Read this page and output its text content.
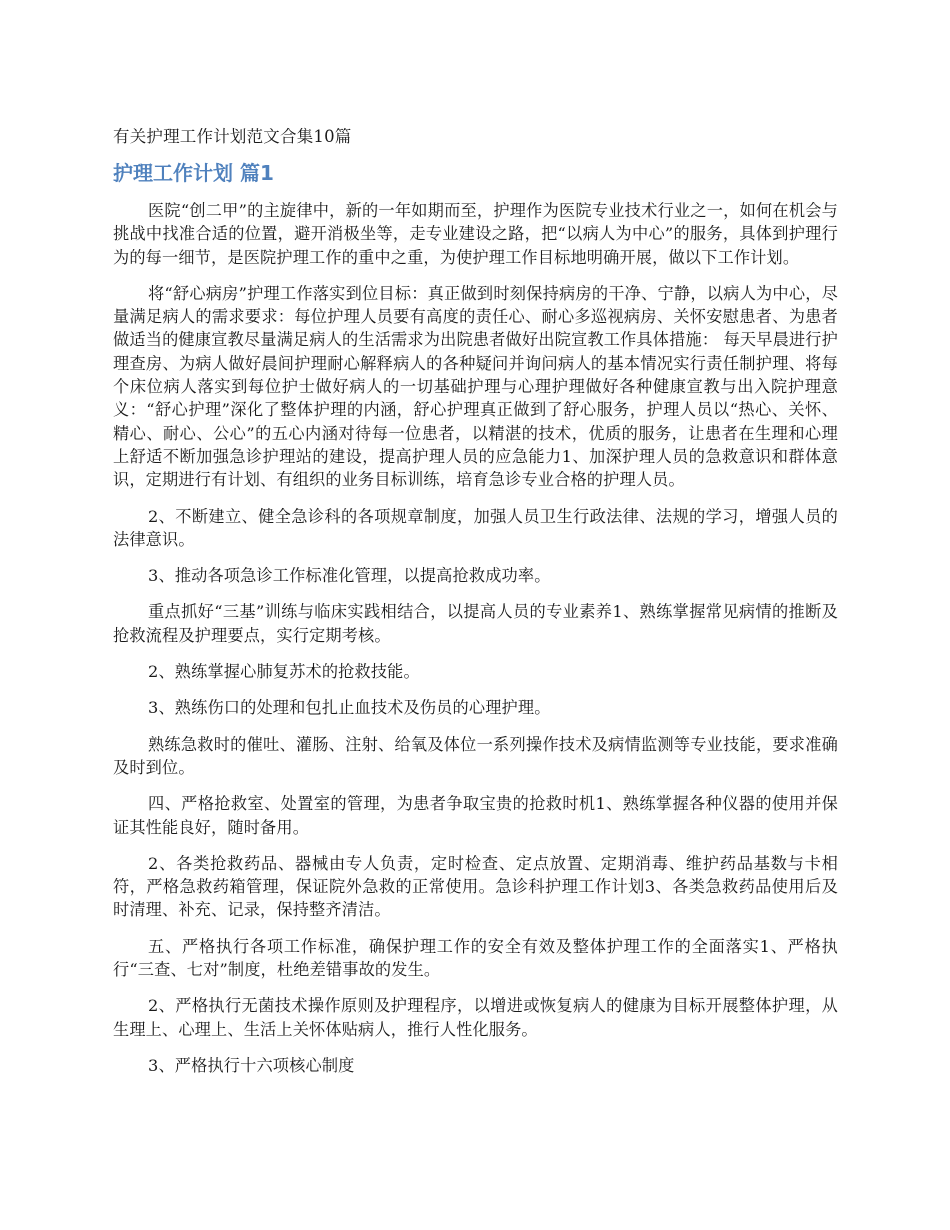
有关护理工作计划范文合集10篇
护理工作计划 篇1

医院“创二甲”的主旋律中，新的一年如期而至，护理作为医院专业技术行业之一，如何在机会与挑战中找准合适的位置，避开消极坐等，走专业建设之路，把“以病人为中心”的服务，具体到护理行为的每一细节，是医院护理工作的重中之重，为使护理工作目标地明确开展，做以下工作计划。

将“舒心病房”护理工作落实到位目标：真正做到时刻保持病房的干净、宁静，以病人为中心，尽量满足病人的需求要求：每位护理人员要有高度的责任心、耐心多巡视病房、关怀安慰患者、为患者做适当的健康宣教尽量满足病人的生活需求为出院患者做好出院宣教工作具体措施： 每天早晨进行护理查房、为病人做好晨间护理耐心解释病人的各种疑问并询问病人的基本情况实行责任制护理、将每个床位病人落实到每位护士做好病人的一切基础护理与心理护理做好各种健康宣教与出入院护理意义：“舒心护理”深化了整体护理的内涵，舒心护理真正做到了舒心服务，护理人员以“热心、关怀、精心、耐心、公心”的五心内涵对待每一位患者，以精湛的技术，优质的服务，让患者在生理和心理上舒适不断加强急诊护理站的建设，提高护理人员的应急能力1、加深护理人员的急救意识和群体意识，定期进行有计划、有组织的业务目标训练，培育急诊专业合格的护理人员。

2、不断建立、健全急诊科的各项规章制度，加强人员卫生行政法律、法规的学习，增强人员的法律意识。

3、推动各项急诊工作标准化管理，以提高抢救成功率。

重点抓好“三基”训练与临床实践相结合，以提高人员的专业素养1、熟练掌握常见病情的推断及抢救流程及护理要点，实行定期考核。

2、熟练掌握心肺复苏术的抢救技能。

3、熟练伤口的处理和包扎止血技术及伤员的心理护理。

熟练急救时的催吐、灌肠、注射、给氧及体位一系列操作技术及病情监测等专业技能，要求准确及时到位。

四、严格抢救室、处置室的管理，为患者争取宝贵的抢救时机1、熟练掌握各种仪器的使用并保证其性能良好，随时备用。

2、各类抢救药品、器械由专人负责，定时检查、定点放置、定期消毒、维护药品基数与卡相符，严格急救药箱管理，保证院外急救的正常使用。急诊科护理工作计划3、各类急救药品使用后及时清理、补充、记录，保持整齐清洁。

五、严格执行各项工作标准，确保护理工作的安全有效及整体护理工作的全面落实1、严格执行“三查、七对”制度，杜绝差错事故的发生。

2、严格执行无菌技术操作原则及护理程序，以增进或恢复病人的健康为目标开展整体护理，从生理上、心理上、生活上关怀体贴病人，推行人性化服务。

3、严格执行十六项核心制度
